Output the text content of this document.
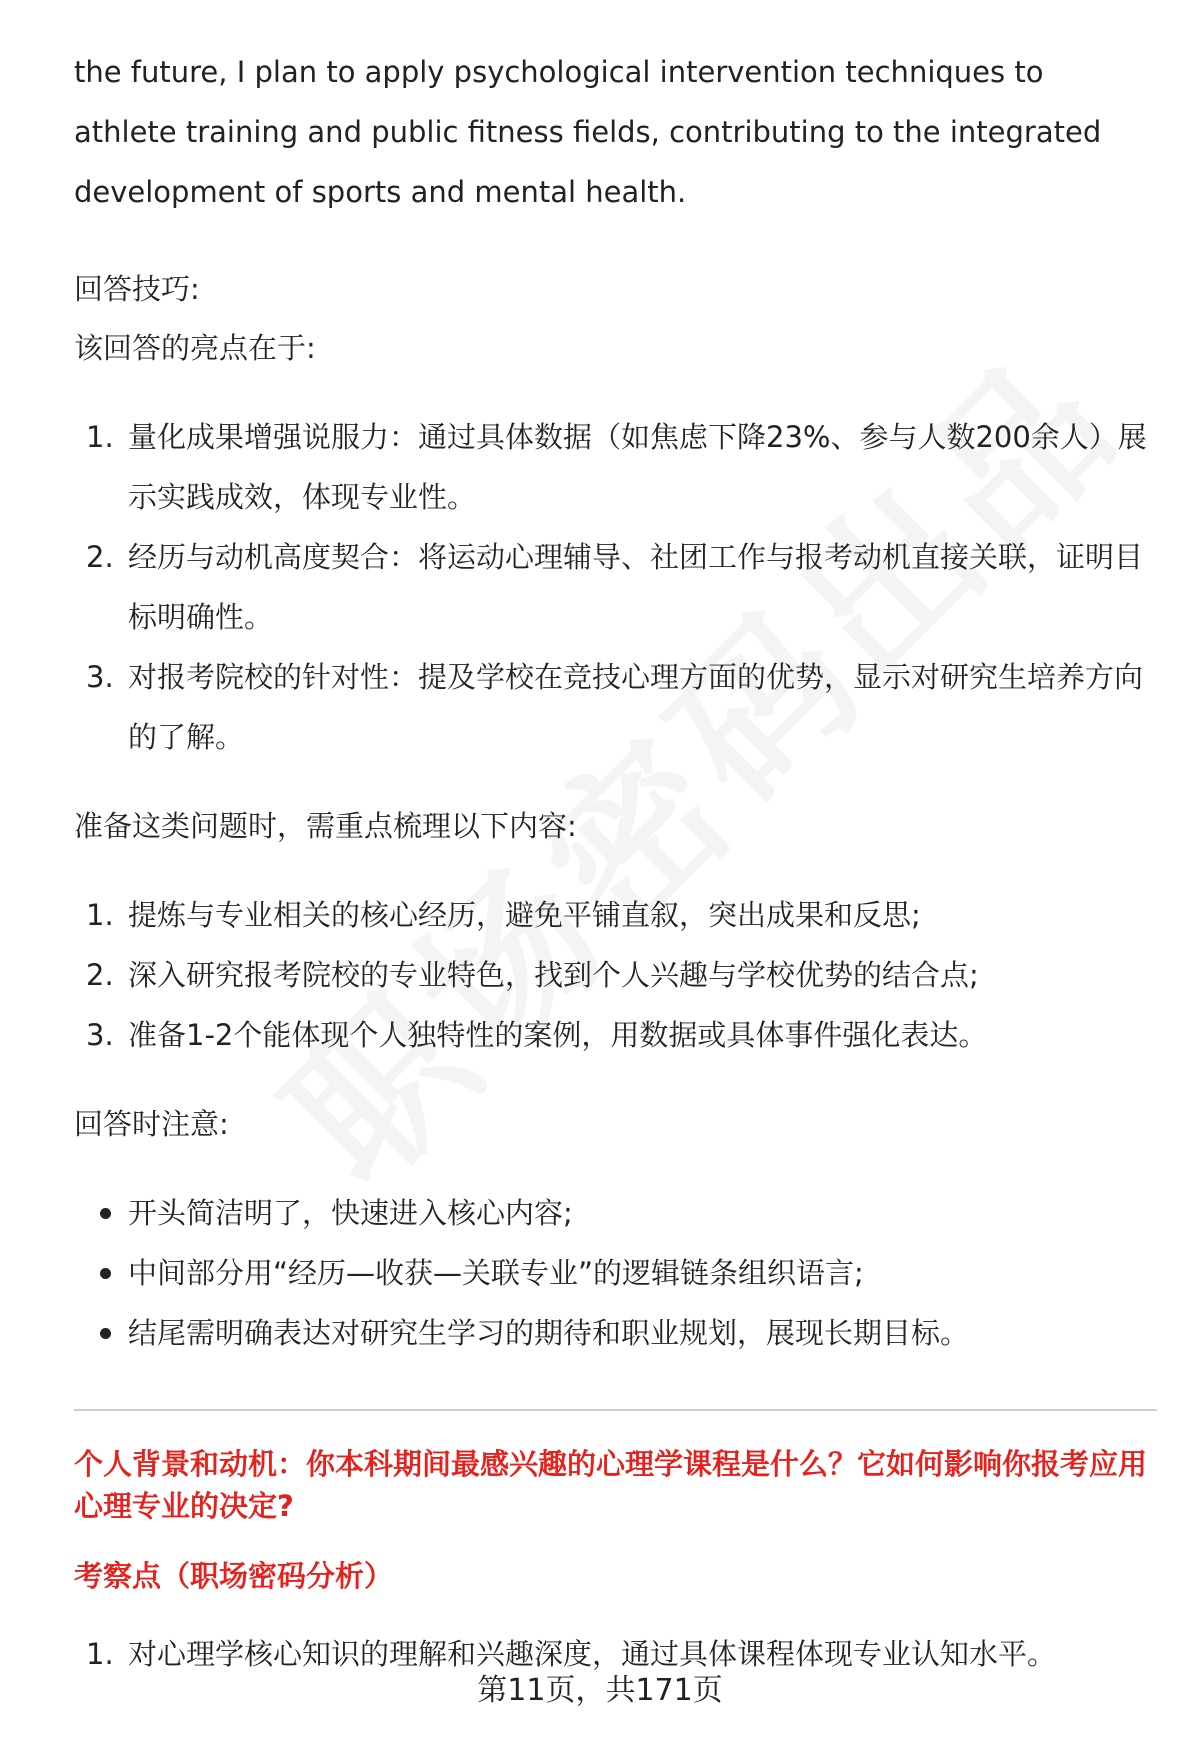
the future, I plan to apply psychological intervention techniques to athlete training and public fitness fields, contributing to the integrated development of sports and mental health.

回答技巧:
该回答的亮点在于:
1. 量化成果增强说服力：通过具体数据（如焦虑下降23%、参与人数200余人）展示实践成效，体现专业性。
2. 经历与动机高度契合：将运动心理辅导、社团工作与报考动机直接关联，证明目标明确性。
3. 对报考院校的针对性：提及学校在竞技心理方面的优势，显示对研究生培养方向的了解。
准备这类问题时，需重点梳理以下内容:
1. 提炼与专业相关的核心经历，避免平铺直叙，突出成果和反思;
2. 深入研究报考院校的专业特色，找到个人兴趣与学校优势的结合点;
3. 准备1-2个能体现个人独特性的案例，用数据或具体事件强化表达。
回答时注意:
开头简洁明了，快速进入核心内容;
中间部分用“经历—收获—关联专业”的逻辑链条组织语言;
结尾需明确表达对研究生学习的期待和职业规划，展现长期目标。
个人背景和动机：你本科期间最感兴趣的心理学课程是什么？它如何影响你报考应用心理专业的决定?
考察点（职场密码分析）
1. 对心理学核心知识的理解和兴趣深度，通过具体课程体现专业认知水平。
第11页，共171页
